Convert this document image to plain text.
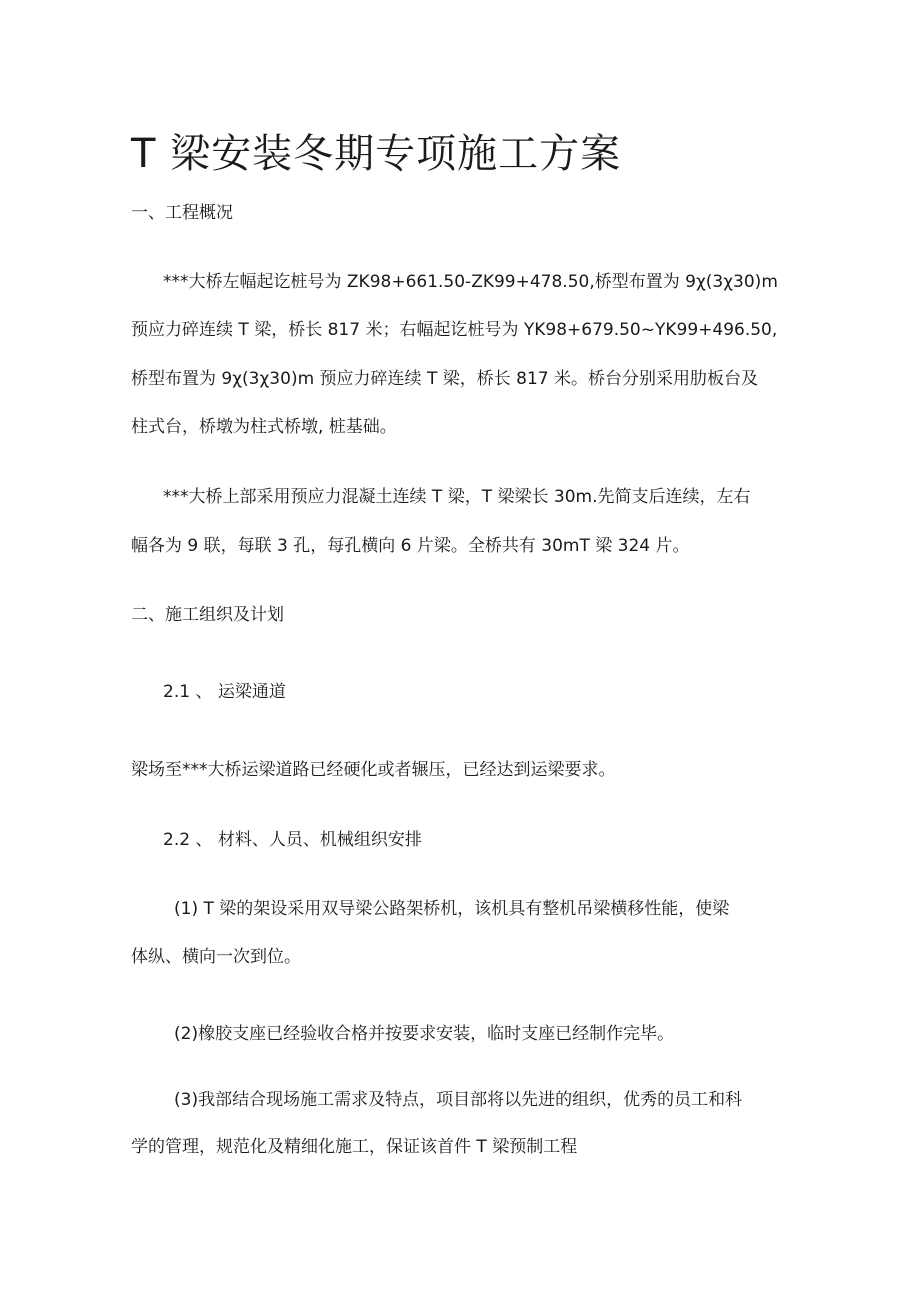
T 梁安装冬期专项施工方案

一、工程概况

***大桥左幅起讫桩号为 ZK98+661.50-ZK99+478.50,桥型布置为 9χ(3χ30)m

预应力碎连续 T 梁，桥长 817 米；右幅起讫桩号为 YK98+679.50~YK99+496.50,

桥型布置为 9χ(3χ30)m 预应力碎连续 T 梁，桥长 817 米。桥台分别采用肋板台及

柱式台，桥墩为柱式桥墩, 桩基础。

***大桥上部采用预应力混凝土连续 T 梁，T 梁梁长 30m.先简支后连续，左右

幅各为 9 联，每联 3 孔，每孔横向 6 片梁。全桥共有 30mT 梁 324 片。

二、施工组织及计划

2.1 、 运梁通道

梁场至***大桥运梁道路已经硬化或者辗压，已经达到运梁要求。

2.2 、 材料、人员、机械组织安排

(1) T 梁的架设采用双导梁公路架桥机，该机具有整机吊梁横移性能，使梁

体纵、横向一次到位。

(2)橡胶支座已经验收合格并按要求安装，临时支座已经制作完毕。

(3)我部结合现场施工需求及特点，项目部将以先进的组织，优秀的员工和科

学的管理，规范化及精细化施工，保证该首件 T 梁预制工程
